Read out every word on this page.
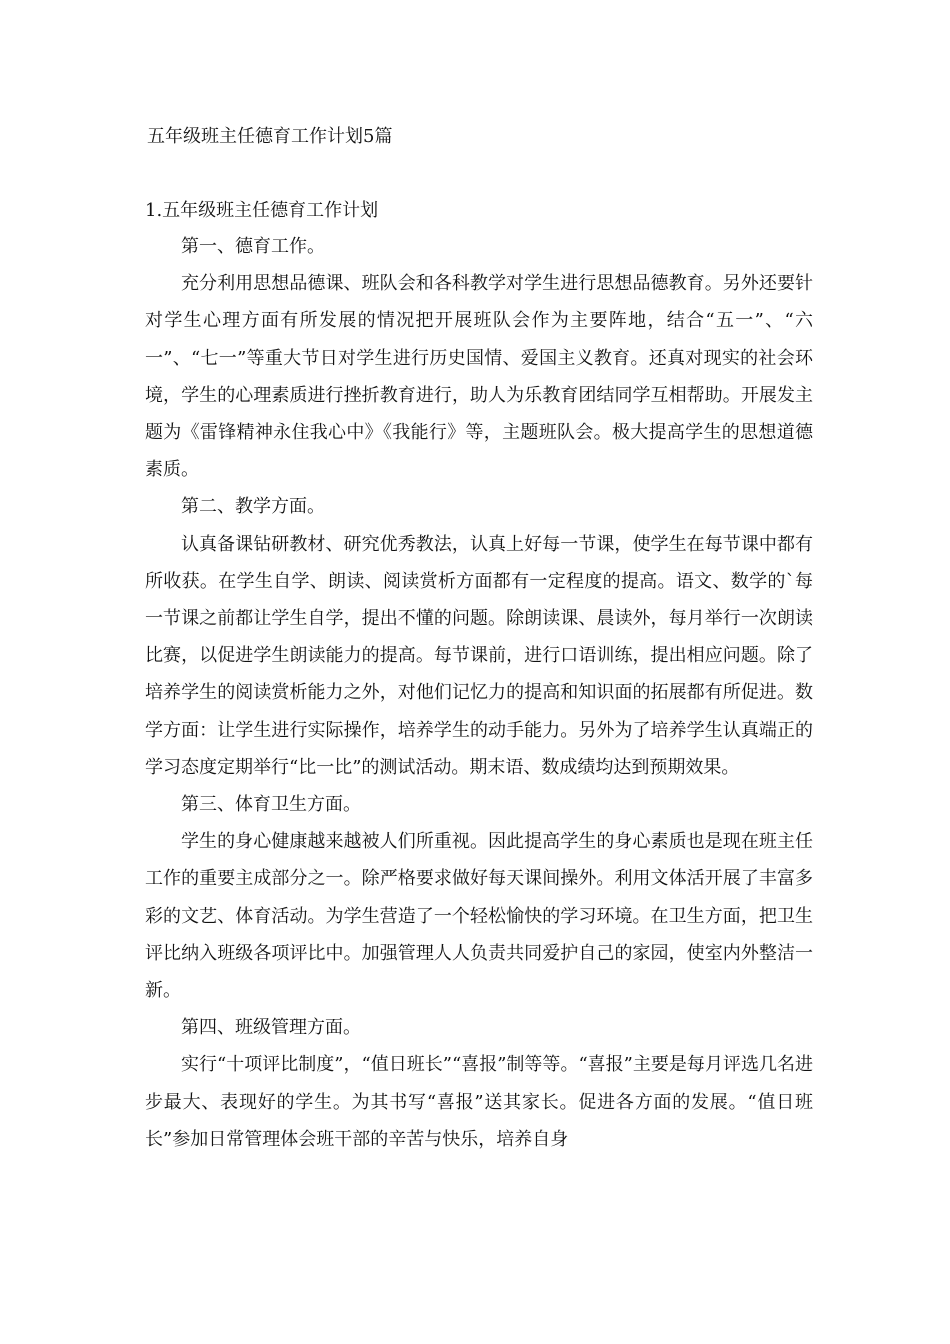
五年级班主任德育工作计划5篇
1.五年级班主任德育工作计划

第一、德育工作。

充分利用思想品德课、班队会和各科教学对学生进行思想品德教育。另外还要针对学生心理方面有所发展的情况把开展班队会作为主要阵地，结合“五一”、“六一”、“七一”等重大节日对学生进行历史国情、爱国主义教育。还真对现实的社会环境，学生的心理素质进行挫折教育进行，助人为乐教育团结同学互相帮助。开展发主题为《雷锋精神永住我心中》《我能行》等，主题班队会。极大提高学生的思想道德素质。

第二、教学方面。

认真备课钻研教材、研究优秀教法，认真上好每一节课，使学生在每节课中都有所收获。在学生自学、朗读、阅读赏析方面都有一定程度的提高。语文、数学的`每一节课之前都让学生自学，提出不懂的问题。除朗读课、晨读外，每月举行一次朗读比赛，以促进学生朗读能力的提高。每节课前，进行口语训练，提出相应问题。除了培养学生的阅读赏析能力之外，对他们记忆力的提高和知识面的拓展都有所促进。数学方面：让学生进行实际操作，培养学生的动手能力。另外为了培养学生认真端正的学习态度定期举行“比一比”的测试活动。期末语、数成绩均达到预期效果。

第三、体育卫生方面。

学生的身心健康越来越被人们所重视。因此提高学生的身心素质也是现在班主任工作的重要主成部分之一。除严格要求做好每天课间操外。利用文体活开展了丰富多彩的文艺、体育活动。为学生营造了一个轻松愉快的学习环境。在卫生方面，把卫生评比纳入班级各项评比中。加强管理人人负责共同爱护自己的家园，使室内外整洁一新。

第四、班级管理方面。

实行“十项评比制度”，“值日班长”“喜报”制等等。“喜报”主要是每月评选几名进步最大、表现好的学生。为其书写“喜报”送其家长。促进各方面的发展。“值日班长”参加日常管理体会班干部的辛苦与快乐，培养自身
